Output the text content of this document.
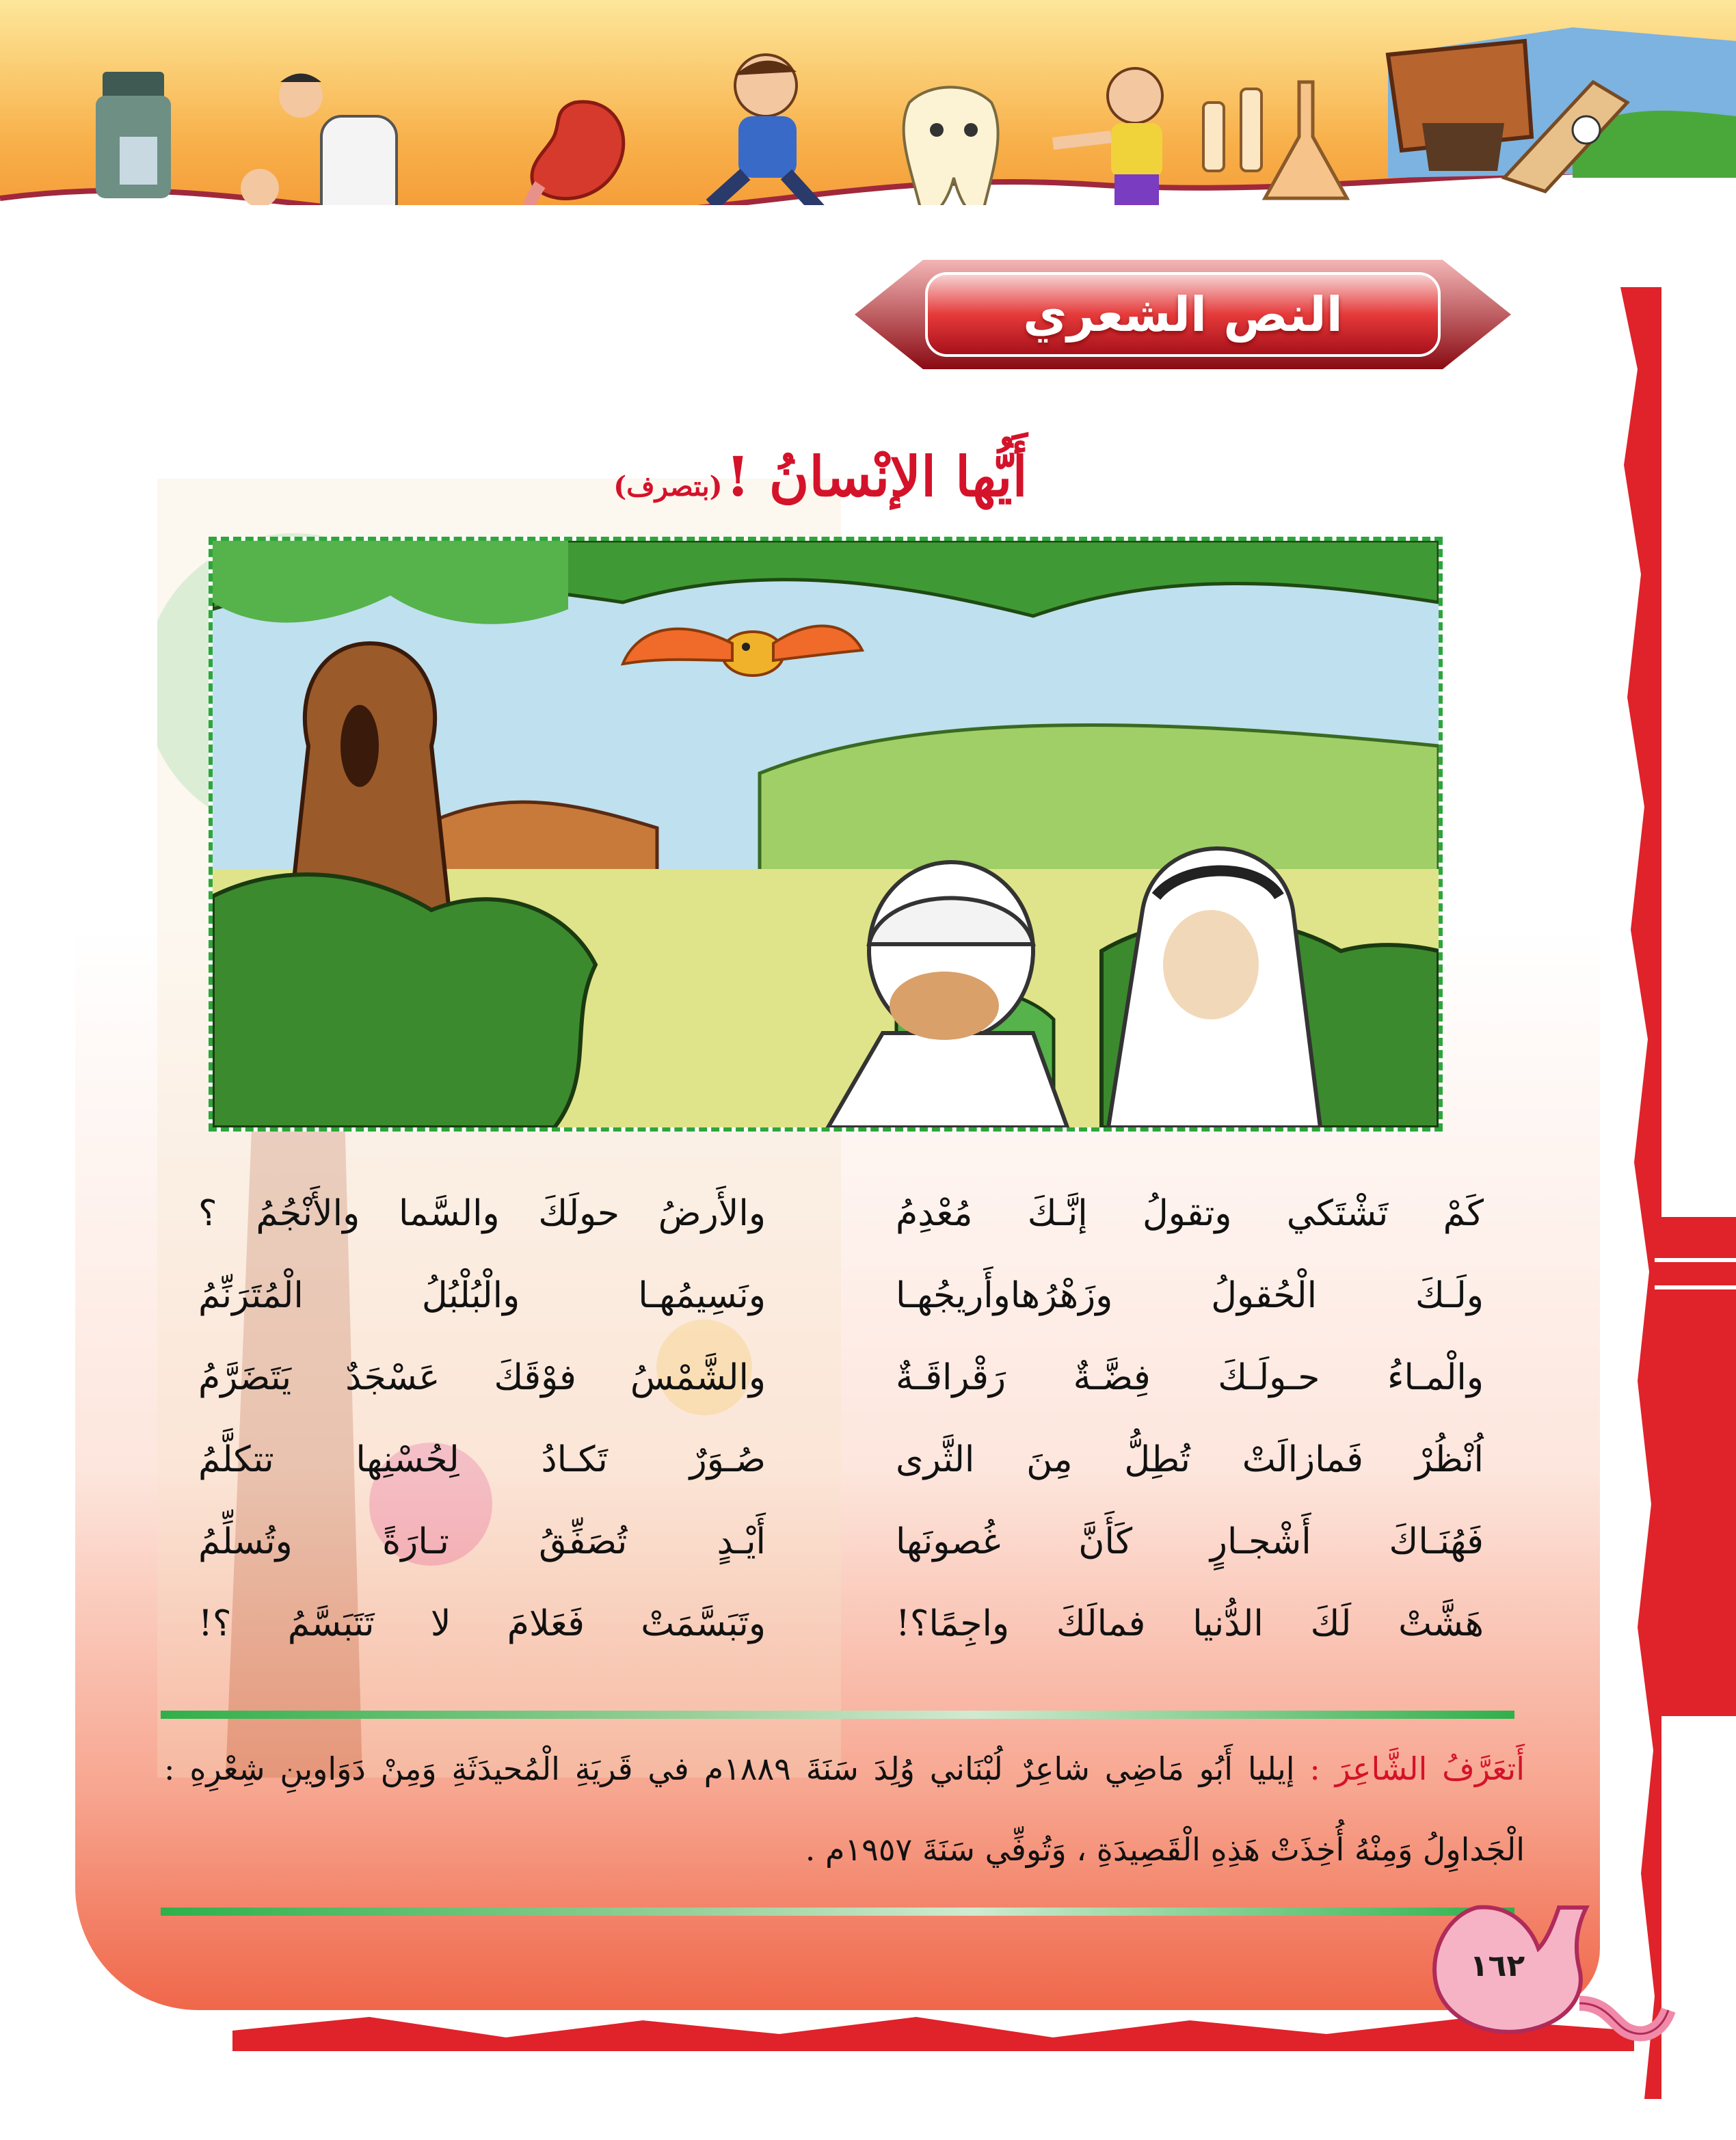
النص الشعري
أَيُّها الإنْسانُ ! (بتصرف)
كَمْ تَشْتَكي وتقولُ إنَّـكَ مُعْدِمُ
والأَرضُ حولَكَ والسَّما والأَنْجُمُ ؟
ولَـكَ الْحُقولُ وزَهْرُهاوأَريجُهـا
ونَسِيمُهـا والْبُلْبُلُ الْمُتَرَنِّمُ
والْمـاءُ حـولَـكَ فِضَّـةٌ رَقْراقَـةٌ
والشَّمْسُ فوْقَكَ عَسْجَدٌ يَتَضَرَّمُ
اُنْظُرْ فَمازالَتْ تُطِلُّ مِنَ الثَّرى
صُـوَرٌ تَكـادُ لِحُسْنِها تتكلَّمُ
فَهُنَـاكَ أَشْجـارٍ كَأَنَّ غُصونَها
أَيْـدٍ تُصَفِّقُ تـارَةً وتُسلِّمُ
هَشَّتْ لَكَ الدُّنيا فمالَكَ واجِمًا؟!
وتَبَسَّمَتْ فَعَلامَ لا تَتَبَسَّمُ ؟!
أَتعَرَّفُ الشَّاعِرَ : إيليا أَبُو مَاضِي شاعِرٌ لُبْنَاني وُلِدَ سَنَةَ ١٨٨٩م في قَريَةِ الْمُحيدَثَةِ وَمِنْ دَوَاوينِ شِعْرِهِ : الْجَداوِلُ وَمِنْهُ أُخِذَتْ هَذِهِ الْقَصِيدَةِ ، وَتُوفِّي سَنَةَ ١٩٥٧م .
١٦٢
